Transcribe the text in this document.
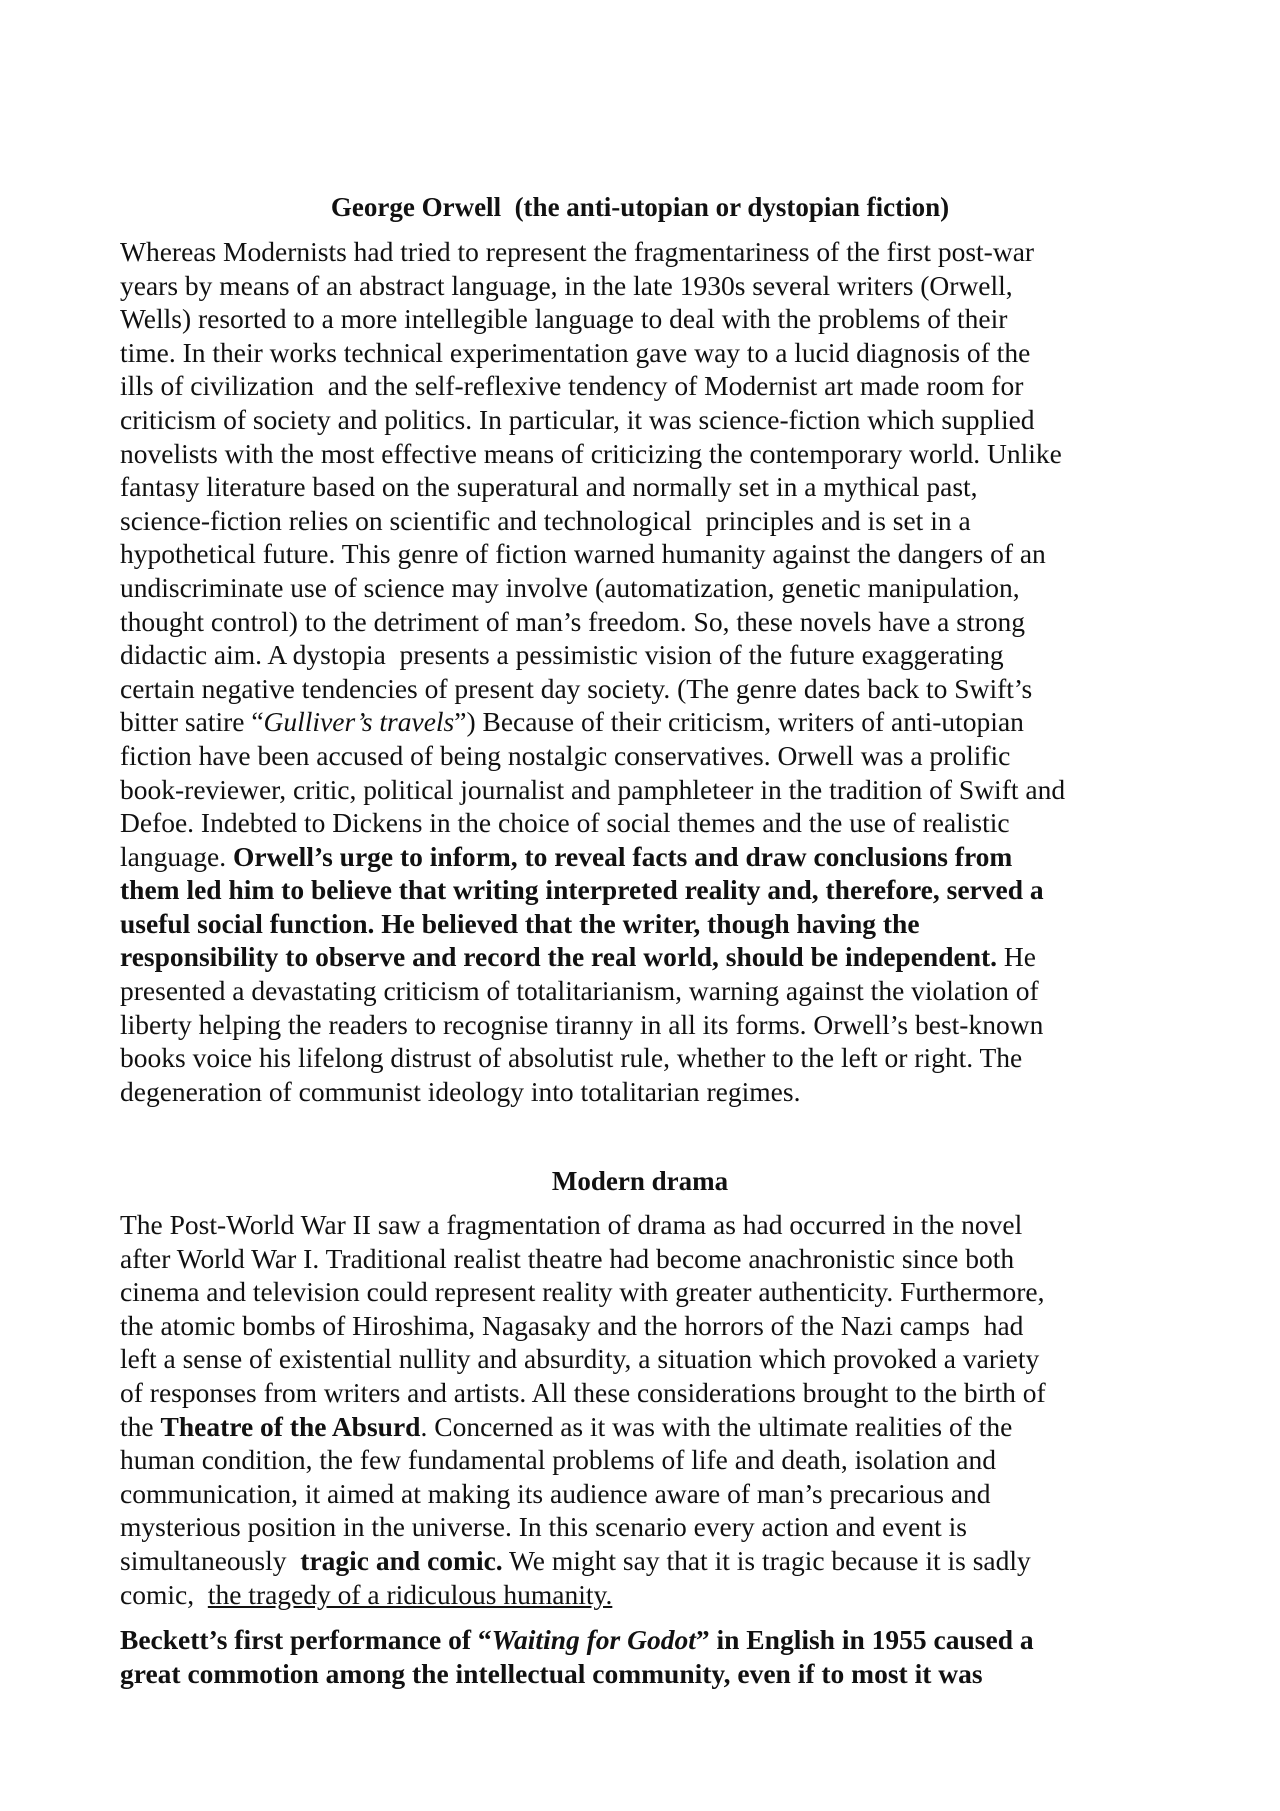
George Orwell  (the anti-utopian or dystopian fiction)
Whereas Modernists had tried to represent the fragmentariness of the first post-war
years by means of an abstract language, in the late 1930s several writers (Orwell,
Wells) resorted to a more intellegible language to deal with the problems of their
time. In their works technical experimentation gave way to a lucid diagnosis of the
ills of civilization  and the self-reflexive tendency of Modernist art made room for
criticism of society and politics. In particular, it was science-fiction which supplied
novelists with the most effective means of criticizing the contemporary world. Unlike
fantasy literature based on the superatural and normally set in a mythical past,
science-fiction relies on scientific and technological  principles and is set in a
hypothetical future. This genre of fiction warned humanity against the dangers of an
undiscriminate use of science may involve (automatization, genetic manipulation,
thought control) to the detriment of man’s freedom. So, these novels have a strong
didactic aim. A dystopia  presents a pessimistic vision of the future exaggerating
certain negative tendencies of present day society. (The genre dates back to Swift’s
bitter satire “Gulliver’s travels”) Because of their criticism, writers of anti-utopian
fiction have been accused of being nostalgic conservatives. Orwell was a prolific
book-reviewer, critic, political journalist and pamphleteer in the tradition of Swift and
Defoe. Indebted to Dickens in the choice of social themes and the use of realistic
language. Orwell’s urge to inform, to reveal facts and draw conclusions from
them led him to believe that writing interpreted reality and, therefore, served a
useful social function. He believed that the writer, though having the
responsibility to observe and record the real world, should be independent. He
presented a devastating criticism of totalitarianism, warning against the violation of
liberty helping the readers to recognise tiranny in all its forms. Orwell’s best-known
books voice his lifelong distrust of absolutist rule, whether to the left or right. The
degeneration of communist ideology into totalitarian regimes.
Modern drama
The Post-World War II saw a fragmentation of drama as had occurred in the novel
after World War I. Traditional realist theatre had become anachronistic since both
cinema and television could represent reality with greater authenticity. Furthermore,
the atomic bombs of Hiroshima, Nagasaky and the horrors of the Nazi camps  had
left a sense of existential nullity and absurdity, a situation which provoked a variety
of responses from writers and artists. All these considerations brought to the birth of
the Theatre of the Absurd. Concerned as it was with the ultimate realities of the
human condition, the few fundamental problems of life and death, isolation and
communication, it aimed at making its audience aware of man’s precarious and
mysterious position in the universe. In this scenario every action and event is
simultaneously  tragic and comic. We might say that it is tragic because it is sadly
comic,  the tragedy of a ridiculous humanity.
Beckett’s first performance of “Waiting for Godot” in English in 1955 caused a
great commotion among the intellectual community, even if to most it was
